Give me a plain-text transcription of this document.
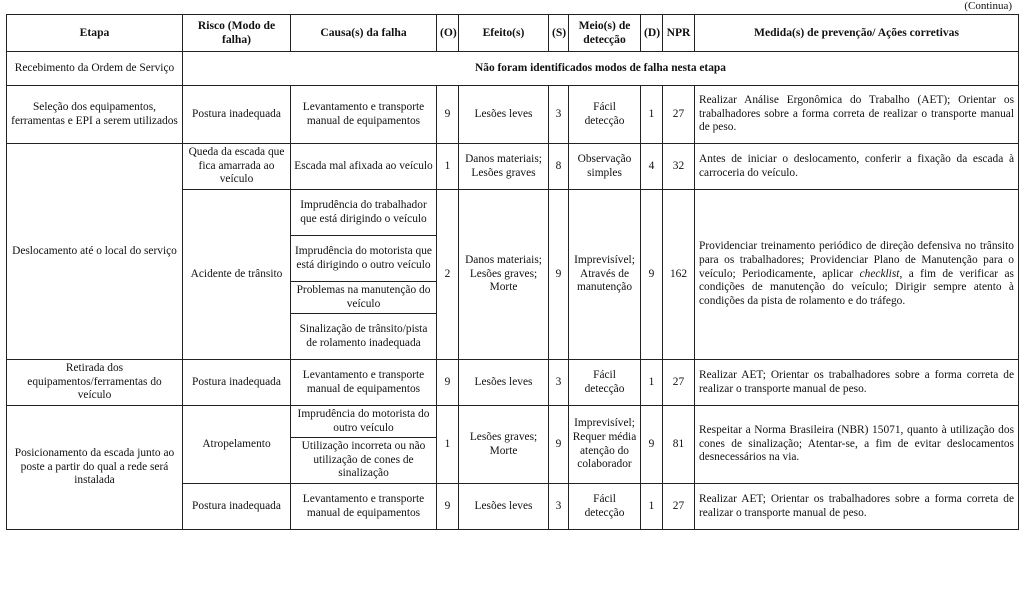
(Continua)
Etapa	Risco (Modo de falha)	Causa(s) da falha	(O)	Efeito(s)	(S)	Meio(s) de detecção	(D)	NPR	Medida(s) de prevenção/ Ações corretivas
Recebimento da Ordem de Serviço	Não foram identificados modos de falha nesta etapa								
Seleção dos equipamentos, ferramentas e EPI a serem utilizados	Postura inadequada	Levantamento e transporte manual de equipamentos	9	Lesões leves	3	Fácil detecção	1	27	Realizar Análise Ergonômica do Trabalho (AET); Orientar os trabalhadores sobre a forma correta de realizar o transporte manual de peso.
Deslocamento até o local do serviço	Queda da escada que fica amarrada ao veículo	Escada mal afixada ao veículo	1	Danos materiais; Lesões graves	8	Observação simples	4	32	Antes de iniciar o deslocamento, conferir a fixação da escada à carroceria do veículo.
	Acidente de trânsito	Imprudência do trabalhador que está dirigindo o veículo	2	Danos materiais; Lesões graves; Morte	9	Imprevisível; Através de manutenção	9	162	Providenciar treinamento periódico de direção defensiva no trânsito para os trabalhadores; Providenciar Plano de Manutenção para o veículo; Periodicamente, aplicar checklist, a fim de verificar as condições de manutenção do veículo; Dirigir sempre atento à condições da pista de rolamento e do tráfego.
		Imprudência do motorista que está dirigindo o outro veículo							
		Problemas na manutenção do veículo							
		Sinalização de trânsito/pista de rolamento inadequada							
Retirada dos equipamentos/ferramentas do veículo	Postura inadequada	Levantamento e transporte manual de equipamentos	9	Lesões leves	3	Fácil detecção	1	27	Realizar AET; Orientar os trabalhadores sobre a forma correta de realizar o transporte manual de peso.
Posicionamento da escada junto ao poste a partir do qual a rede será instalada	Atropelamento	Imprudência do motorista do outro veículo	1	Lesões graves; Morte	9	Imprevisível; Requer média atenção do colaborador	9	81	Respeitar a Norma Brasileira (NBR) 15071, quanto à utilização dos cones de sinalização; Atentar-se, a fim de evitar deslocamentos desnecessários na via.
		Utilização incorreta ou não utilização de cones de sinalização							
	Postura inadequada	Levantamento e transporte manual de equipamentos	9	Lesões leves	3	Fácil detecção	1	27	Realizar AET; Orientar os trabalhadores sobre a forma correta de realizar o transporte manual de peso.
